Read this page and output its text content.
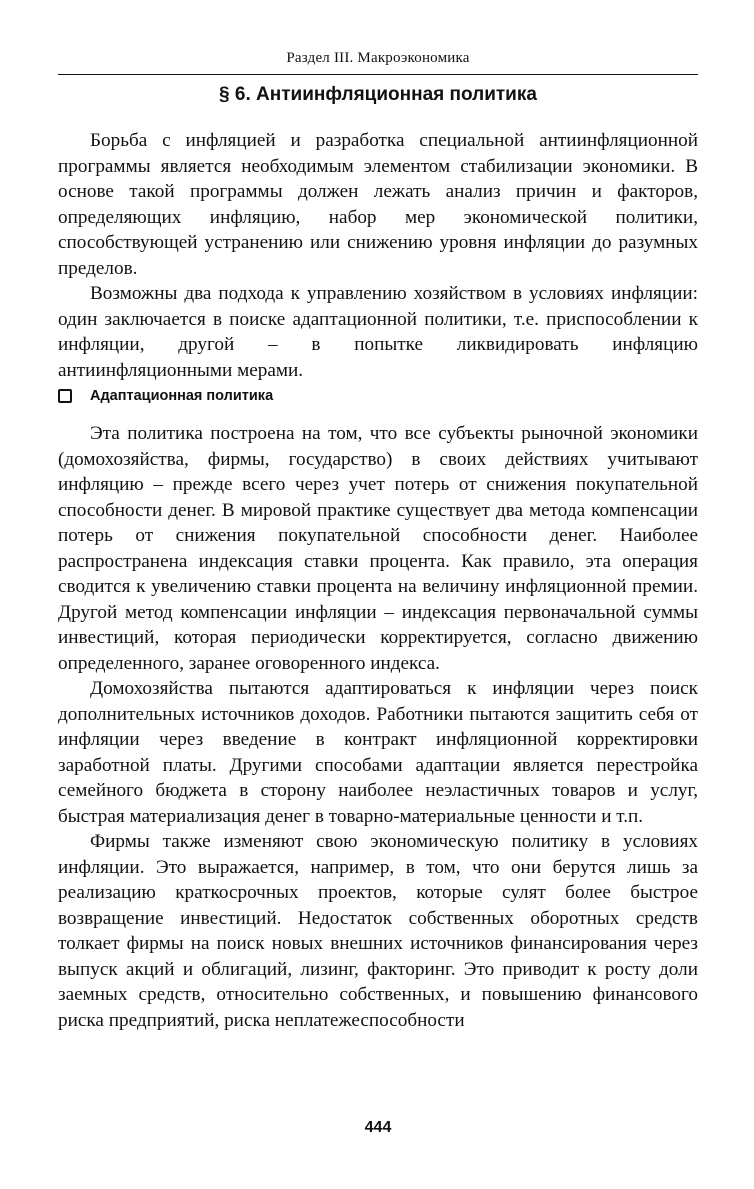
Раздел III. Макроэкономика
§ 6. Антиинфляционная политика

Борьба с инфляцией и разработка специальной антиинфляционной программы является необходимым элементом стабилизации экономики. В основе такой программы должен лежать анализ причин и факторов, определяющих инфляцию, набор мер экономической политики, способствующей устранению или снижению уровня инфляции до разумных пределов.

Возможны два подхода к управлению хозяйством в условиях инфляции: один заключается в поиске адаптационной политики, т.е. приспособлении к инфляции, другой – в попытке ликвидировать инфляцию антиинфляционными мерами.

Адаптационная политика

Эта политика построена на том, что все субъекты рыночной экономики (домохозяйства, фирмы, государство) в своих действиях учитывают инфляцию – прежде всего через учет потерь от снижения покупательной способности денег. В мировой практике существует два метода компенсации потерь от снижения покупательной способности денег. Наиболее распространена индексация ставки процента. Как правило, эта операция сводится к увеличению ставки процента на величину инфляционной премии. Другой метод компенсации инфляции – индексация первоначальной суммы инвестиций, которая периодически корректируется, согласно движению определенного, заранее оговоренного индекса.

Домохозяйства пытаются адаптироваться к инфляции через поиск дополнительных источников доходов. Работники пытаются защитить себя от инфляции через введение в контракт инфляционной корректировки заработной платы. Другими способами адаптации является перестройка семейного бюджета в сторону наиболее неэластичных товаров и услуг, быстрая материализация денег в товарно-материальные ценности и т.п.

Фирмы также изменяют свою экономическую политику в условиях инфляции. Это выражается, например, в том, что они берутся лишь за реализацию краткосрочных проектов, которые сулят более быстрое возвращение инвестиций. Недостаток собственных оборотных средств толкает фирмы на поиск новых внешних источников финансирования через выпуск акций и облигаций, лизинг, факторинг. Это приводит к росту доли заемных средств, относительно собственных, и повышению финансового риска предприятий, риска неплатежеспособности

444
